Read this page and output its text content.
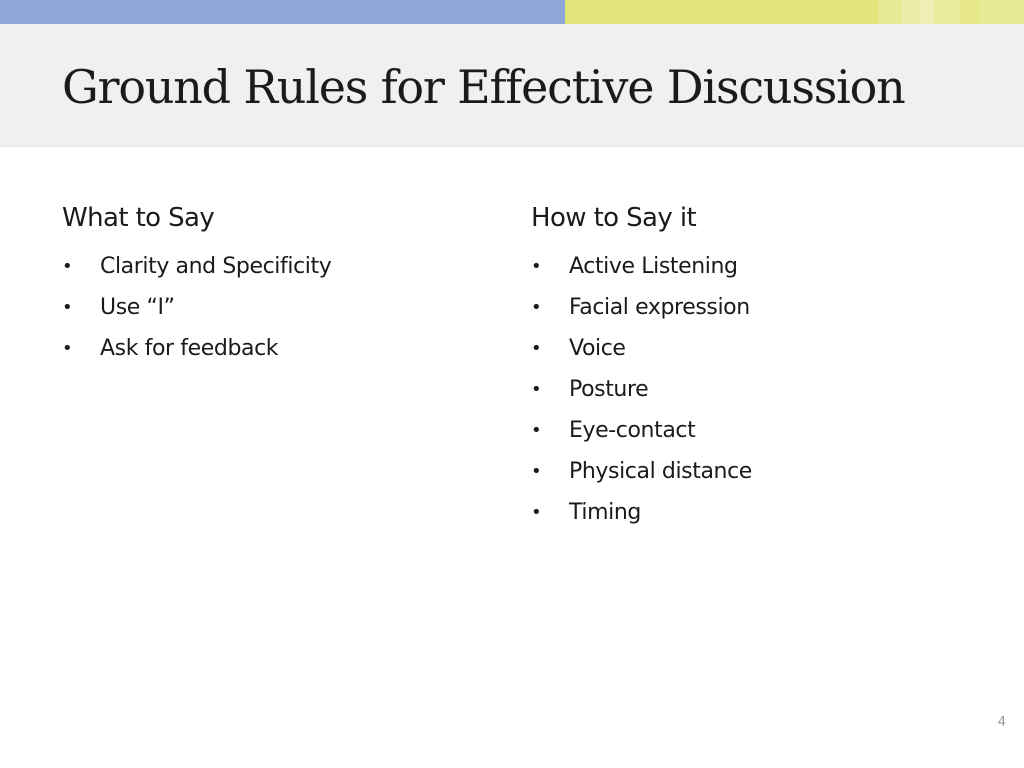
Ground Rules for Effective Discussion
What to Say
•	Clarity and Specificity
•	Use “I”
•	Ask for feedback
How to Say it
•	Active Listening
•	Facial expression
•	Voice
•	Posture
•	Eye-contact
•	Physical distance
•	Timing
4
